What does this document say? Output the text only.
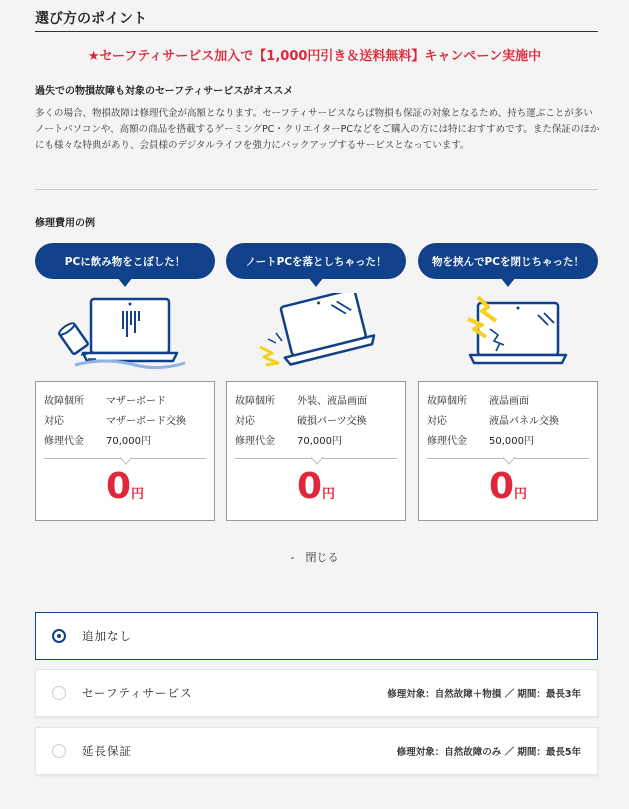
選び方のポイント
★セーフティサービス加入で【1,000円引き＆送料無料】キャンペーン実施中
過失での物損故障も対象のセーフティサービスがオススメ
多くの場合、物損故障は修理代金が高額となります。セーフティサービスならば物損も保証の対象となるため、持ち運ぶことが多いノートパソコンや、高額の商品を搭載するゲーミングPC・クリエイターPCなどをご購入の方には特におすすめです。また保証のほかにも様々な特典があり、会員様のデジタルライフを強力にバックアップするサービスとなっています。
修理費用の例
PCに飲み物をこぼした！
故障個所	マザーボード
対応	マザーボード交換
修理代金	70,000円
0円
ノートPCを落としちゃった！
故障個所	外装、液晶画面
対応	破損パーツ交換
修理代金	70,000円
0円
物を挟んでPCを閉じちゃった！
故障個所	液晶画面
対応	液晶パネル交換
修理代金	50,000円
0円
-　閉じる
追加なし
セーフティサービス	修理対象：自然故障＋物損 ／ 期間：最長3年
延長保証	修理対象：自然故障のみ ／ 期間：最長5年
